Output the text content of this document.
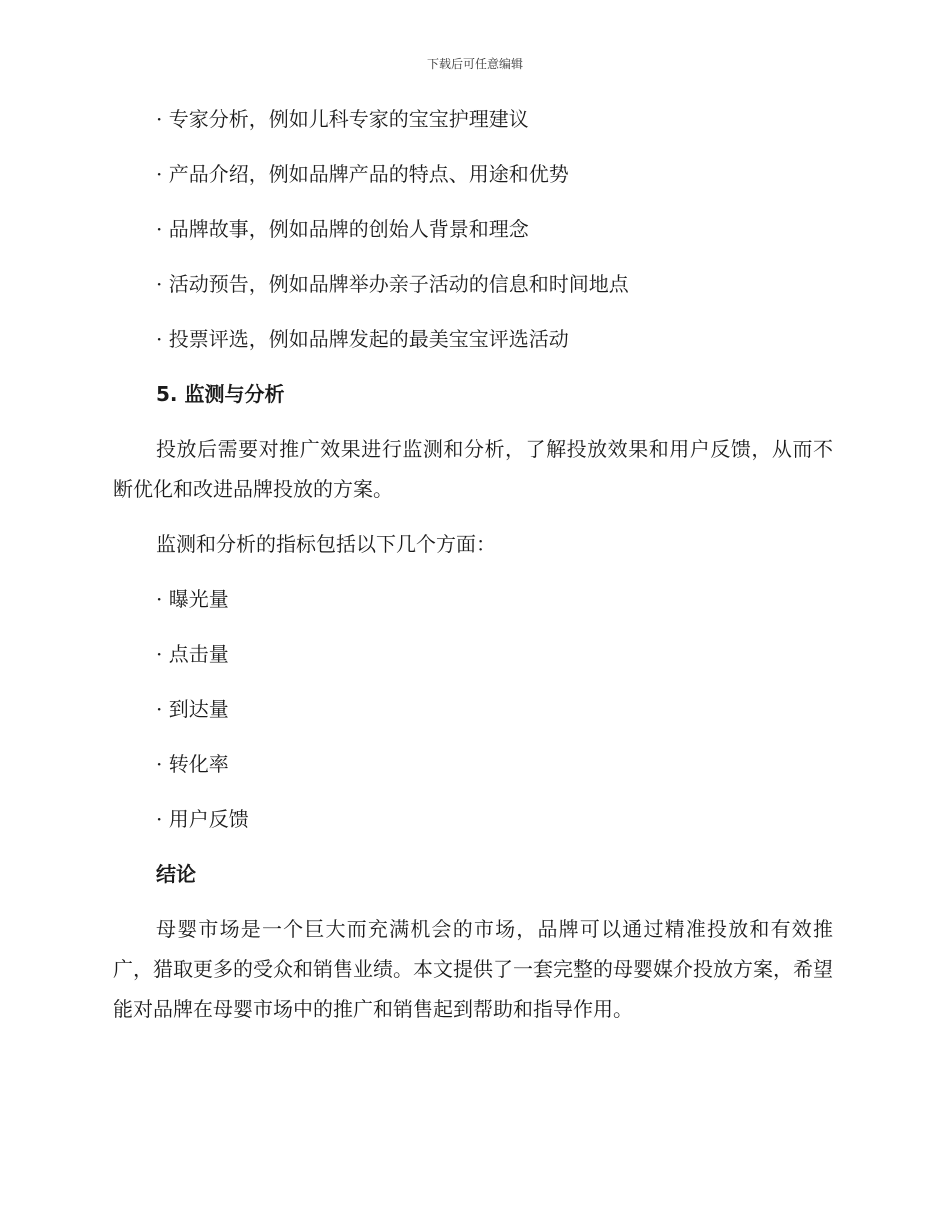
下载后可任意编辑
· 专家分析，例如儿科专家的宝宝护理建议
· 产品介绍，例如品牌产品的特点、用途和优势
· 品牌故事，例如品牌的创始人背景和理念
· 活动预告，例如品牌举办亲子活动的信息和时间地点
· 投票评选，例如品牌发起的最美宝宝评选活动
5. 监测与分析
投放后需要对推广效果进行监测和分析，了解投放效果和用户反馈，从而不断优化和改进品牌投放的方案。
监测和分析的指标包括以下几个方面：
· 曝光量
· 点击量
· 到达量
· 转化率
· 用户反馈
结论
母婴市场是一个巨大而充满机会的市场，品牌可以通过精准投放和有效推广，猎取更多的受众和销售业绩。本文提供了一套完整的母婴媒介投放方案，希望能对品牌在母婴市场中的推广和销售起到帮助和指导作用。
